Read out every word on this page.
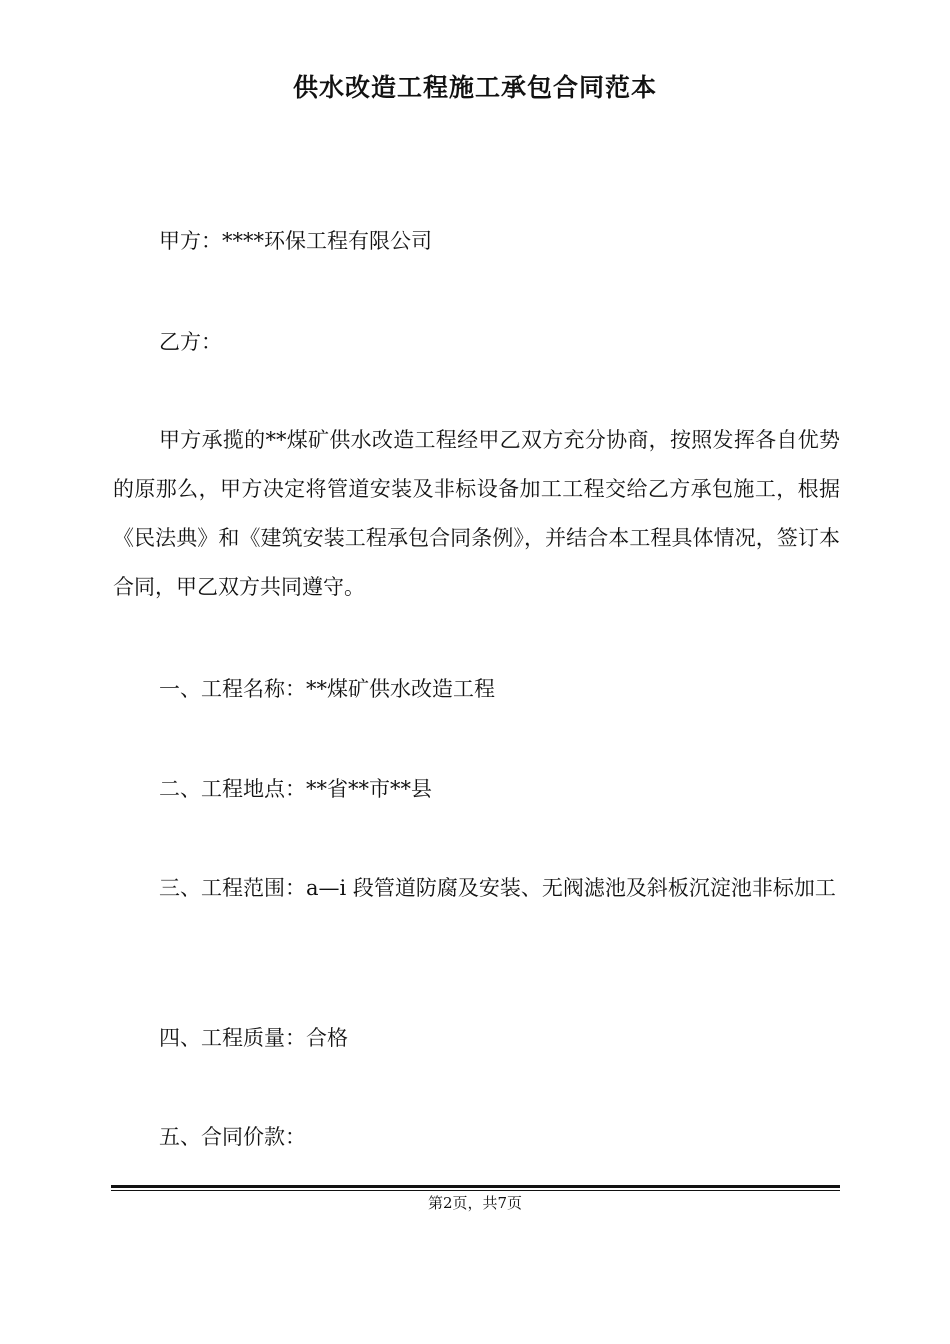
供水改造工程施工承包合同范本

甲方：****环保工程有限公司

乙方：

甲方承揽的**煤矿供水改造工程经甲乙双方充分协商，按照发挥各自优势的原那么，甲方决定将管道安装及非标设备加工工程交给乙方承包施工，根据《民法典》和《建筑安装工程承包合同条例》，并结合本工程具体情况，签订本合同，甲乙双方共同遵守。

一、工程名称：**煤矿供水改造工程

二、工程地点：**省**市**县

三、工程范围：a—i 段管道防腐及安装、无阀滤池及斜板沉淀池非标加工

四、工程质量：合格

五、合同价款：

第2页，共7页
